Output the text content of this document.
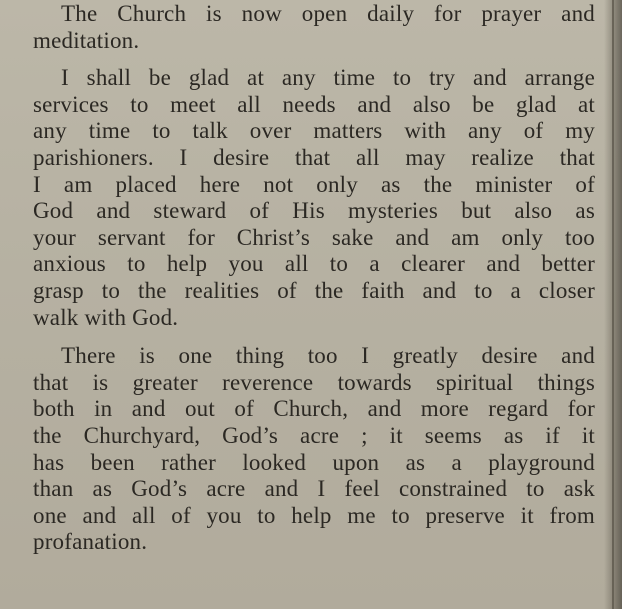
The Church is now open daily for prayer and
meditation.
I shall be glad at any time to try and arrange
services to meet all needs and also be glad at
any time to talk over matters with any of my
parishioners. I desire that all may realize that
I am placed here not only as the minister of
God and steward of His mysteries but also as
your servant for Christ’s sake and am only too
anxious to help you all to a clearer and better
grasp to the realities of the faith and to a closer
walk with God.
There is one thing too I greatly desire and
that is greater reverence towards spiritual things
both in and out of Church, and more regard for
the Churchyard, God’s acre ; it seems as if it
has been rather looked upon as a playground
than as God’s acre and I feel constrained to ask
one and all of you to help me to preserve it from
profanation.
